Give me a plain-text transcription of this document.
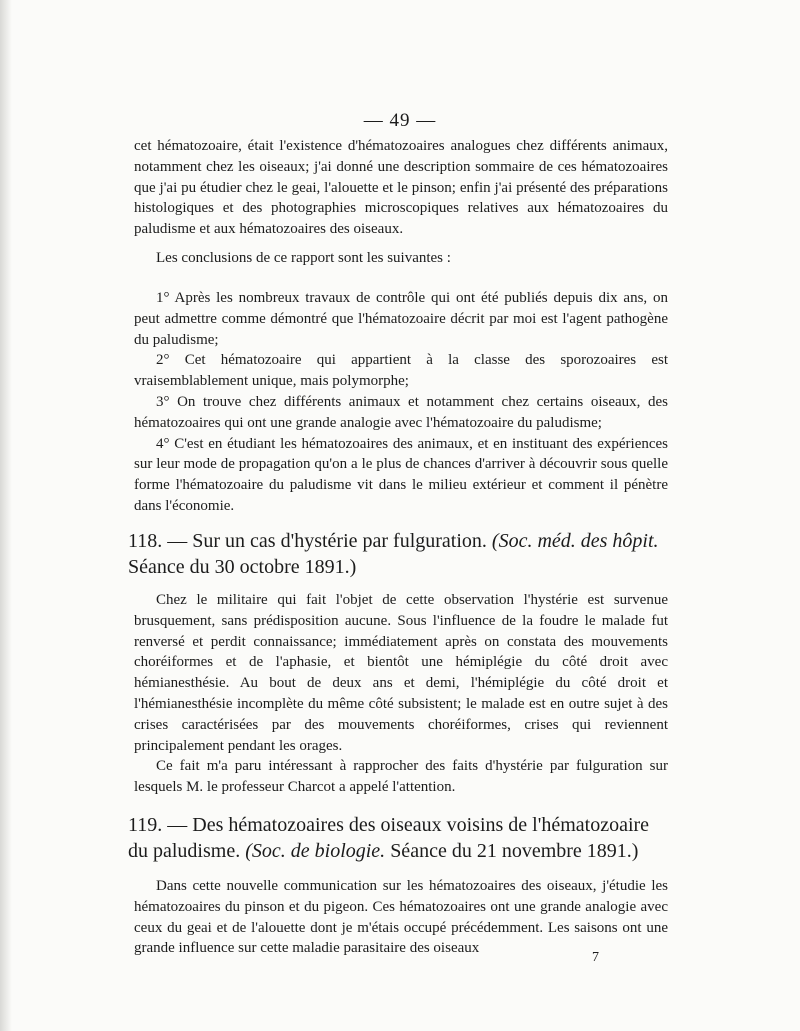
— 49 —

cet hématozoaire, était l'existence d'hématozoaires analogues chez différents animaux, notamment chez les oiseaux; j'ai donné une description sommaire de ces hématozoaires que j'ai pu étudier chez le geai, l'alouette et le pinson; enfin j'ai présenté des préparations histologiques et des photographies microscopiques relatives aux hématozoaires du paludisme et aux hématozoaires des oiseaux.

Les conclusions de ce rapport sont les suivantes :

1° Après les nombreux travaux de contrôle qui ont été publiés depuis dix ans, on peut admettre comme démontré que l'hématozoaire décrit par moi est l'agent pathogène du paludisme;

2° Cet hématozoaire qui appartient à la classe des sporozoaires est vraisemblablement unique, mais polymorphe;

3° On trouve chez différents animaux et notamment chez certains oiseaux, des hématozoaires qui ont une grande analogie avec l'hématozoaire du paludisme;

4° C'est en étudiant les hématozoaires des animaux, et en instituant des expériences sur leur mode de propagation qu'on a le plus de chances d'arriver à découvrir sous quelle forme l'hématozoaire du paludisme vit dans le milieu extérieur et comment il pénètre dans l'économie.

118. — Sur un cas d'hystérie par fulguration. (Soc. méd. des hôpit. Séance du 30 octobre 1891.)

Chez le militaire qui fait l'objet de cette observation l'hystérie est survenue brusquement, sans prédisposition aucune. Sous l'influence de la foudre le malade fut renversé et perdit connaissance; immédiatement après on constata des mouvements choréiformes et de l'aphasie, et bientôt une hémiplégie du côté droit avec hémianesthésie. Au bout de deux ans et demi, l'hémiplégie du côté droit et l'hémianesthésie incomplète du même côté subsistent; le malade est en outre sujet à des crises caractérisées par des mouvements choréiformes, crises qui reviennent principalement pendant les orages.

Ce fait m'a paru intéressant à rapprocher des faits d'hystérie par fulguration sur lesquels M. le professeur Charcot a appelé l'attention.

119. — Des hématozoaires des oiseaux voisins de l'hématozoaire du paludisme. (Soc. de biologie. Séance du 21 novembre 1891.)

Dans cette nouvelle communication sur les hématozoaires des oiseaux, j'étudie les hématozoaires du pinson et du pigeon. Ces hématozoaires ont une grande analogie avec ceux du geai et de l'alouette dont je m'étais occupé précédemment. Les saisons ont une grande influence sur cette maladie parasitaire des oiseaux

7
